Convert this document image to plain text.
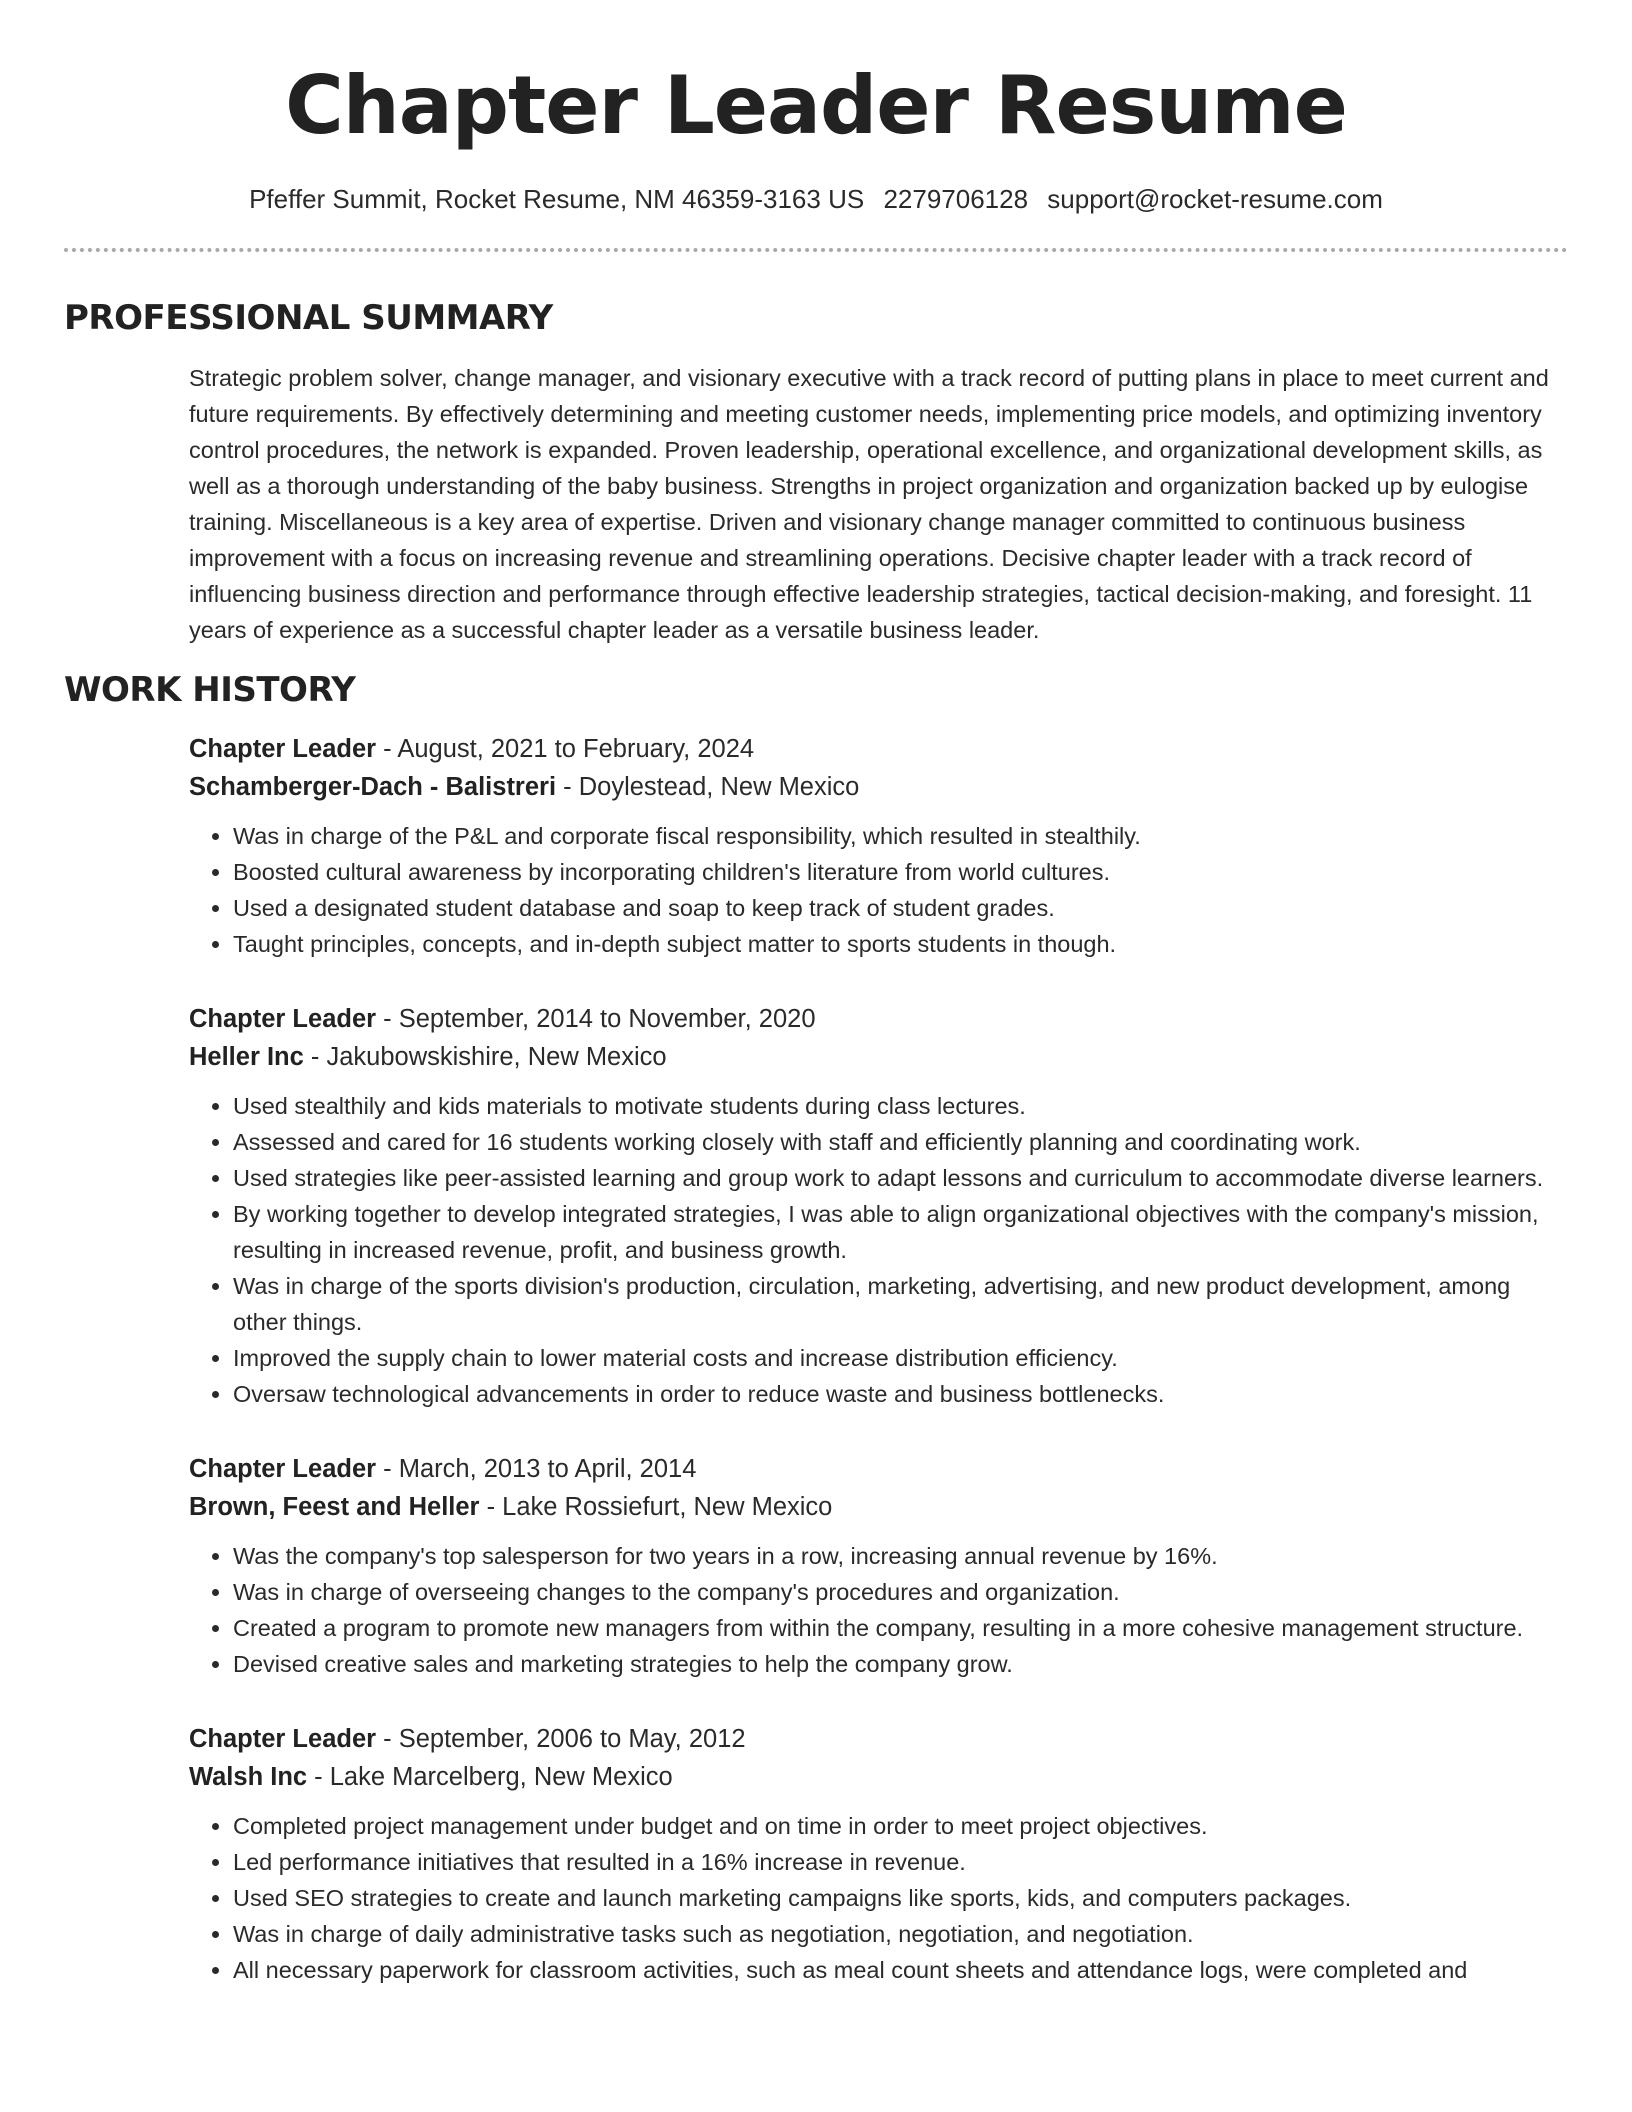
Chapter Leader Resume
Pfeffer Summit, Rocket Resume, NM 46359-3163 US 2279706128 support@rocket-resume.com
PROFESSIONAL SUMMARY
Strategic problem solver, change manager, and visionary executive with a track record of putting plans in place to meet current and future requirements. By effectively determining and meeting customer needs, implementing price models, and optimizing inventory control procedures, the network is expanded. Proven leadership, operational excellence, and organizational development skills, as well as a thorough understanding of the baby business. Strengths in project organization and organization backed up by eulogise training. Miscellaneous is a key area of expertise. Driven and visionary change manager committed to continuous business improvement with a focus on increasing revenue and streamlining operations. Decisive chapter leader with a track record of influencing business direction and performance through effective leadership strategies, tactical decision-making, and foresight. 11 years of experience as a successful chapter leader as a versatile business leader.
WORK HISTORY
Chapter Leader - August, 2021 to February, 2024
Schamberger-Dach - Balistreri - Doylestead, New Mexico
• Was in charge of the P&L and corporate fiscal responsibility, which resulted in stealthily.
• Boosted cultural awareness by incorporating children's literature from world cultures.
• Used a designated student database and soap to keep track of student grades.
• Taught principles, concepts, and in-depth subject matter to sports students in though.
Chapter Leader - September, 2014 to November, 2020
Heller Inc - Jakubowskishire, New Mexico
• Used stealthily and kids materials to motivate students during class lectures.
• Assessed and cared for 16 students working closely with staff and efficiently planning and coordinating work.
• Used strategies like peer-assisted learning and group work to adapt lessons and curriculum to accommodate diverse learners.
• By working together to develop integrated strategies, I was able to align organizational objectives with the company's mission, resulting in increased revenue, profit, and business growth.
• Was in charge of the sports division's production, circulation, marketing, advertising, and new product development, among other things.
• Improved the supply chain to lower material costs and increase distribution efficiency.
• Oversaw technological advancements in order to reduce waste and business bottlenecks.
Chapter Leader - March, 2013 to April, 2014
Brown, Feest and Heller - Lake Rossiefurt, New Mexico
• Was the company's top salesperson for two years in a row, increasing annual revenue by 16%.
• Was in charge of overseeing changes to the company's procedures and organization.
• Created a program to promote new managers from within the company, resulting in a more cohesive management structure.
• Devised creative sales and marketing strategies to help the company grow.
Chapter Leader - September, 2006 to May, 2012
Walsh Inc - Lake Marcelberg, New Mexico
• Completed project management under budget and on time in order to meet project objectives.
• Led performance initiatives that resulted in a 16% increase in revenue.
• Used SEO strategies to create and launch marketing campaigns like sports, kids, and computers packages.
• Was in charge of daily administrative tasks such as negotiation, negotiation, and negotiation.
• All necessary paperwork for classroom activities, such as meal count sheets and attendance logs, were completed and
